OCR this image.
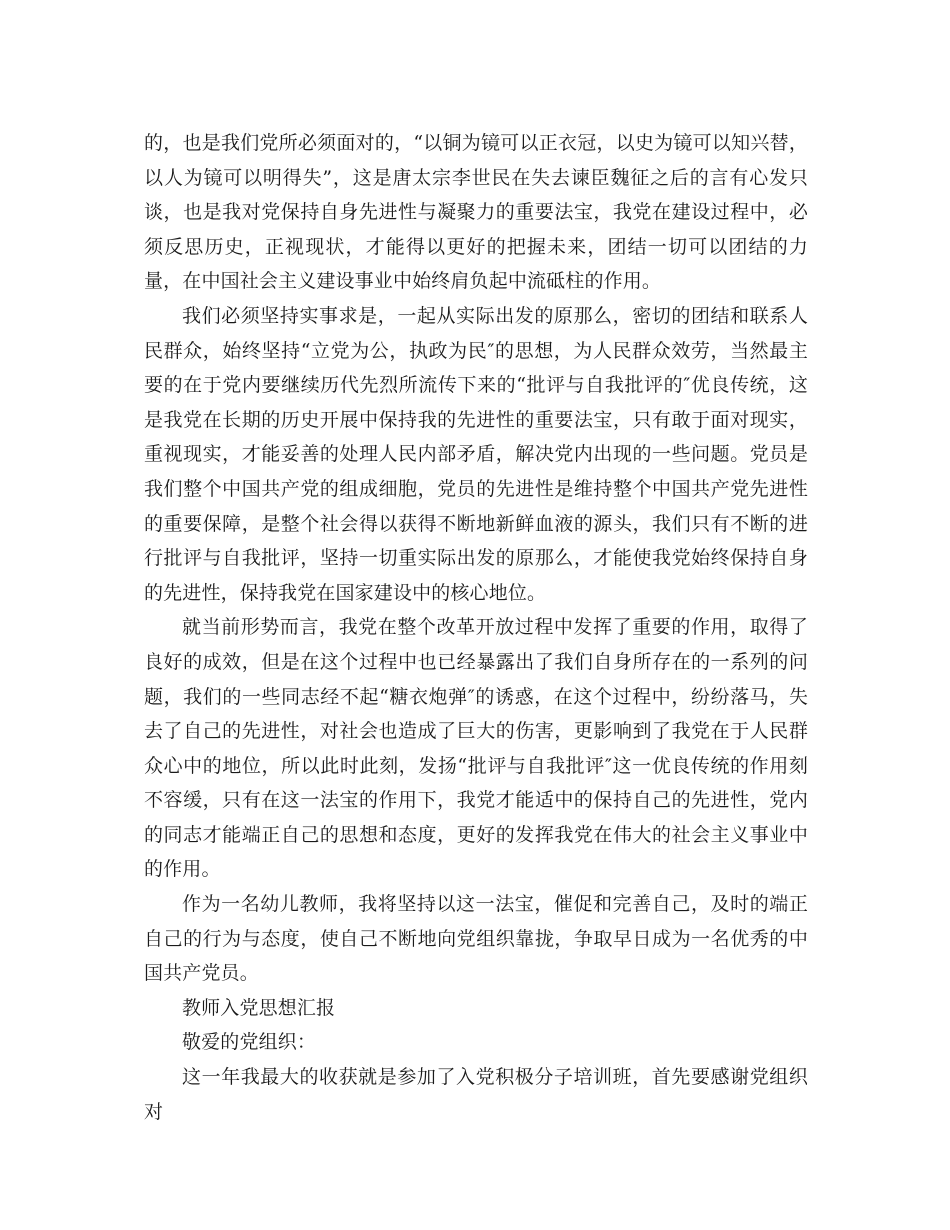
的，也是我们党所必须面对的，“以铜为镜可以正衣冠，以史为镜可以知兴替，以人为镜可以明得失”，这是唐太宗李世民在失去谏臣魏征之后的言有心发只谈，也是我对党保持自身先进性与凝聚力的重要法宝，我党在建设过程中，必须反思历史，正视现状，才能得以更好的把握未来，团结一切可以团结的力量，在中国社会主义建设事业中始终肩负起中流砥柱的作用。

我们必须坚持实事求是，一起从实际出发的原那么，密切的团结和联系人民群众，始终坚持“立党为公，执政为民″的思想，为人民群众效劳，当然最主要的在于党内要继续历代先烈所流传下来的“批评与自我批评的″优良传统，这是我党在长期的历史开展中保持我的先进性的重要法宝，只有敢于面对现实，重视现实，才能妥善的处理人民内部矛盾，解决党内出现的一些问题。党员是我们整个中国共产党的组成细胞，党员的先进性是维持整个中国共产党先进性的重要保障，是整个社会得以获得不断地新鲜血液的源头，我们只有不断的进行批评与自我批评，坚持一切重实际出发的原那么，才能使我党始终保持自身的先进性，保持我党在国家建设中的核心地位。

就当前形势而言，我党在整个改革开放过程中发挥了重要的作用，取得了良好的成效，但是在这个过程中也已经暴露出了我们自身所存在的一系列的问题，我们的一些同志经不起“糖衣炮弹″的诱惑，在这个过程中，纷纷落马，失去了自己的先进性，对社会也造成了巨大的伤害，更影响到了我党在于人民群众心中的地位，所以此时此刻，发扬“批评与自我批评″这一优良传统的作用刻不容缓，只有在这一法宝的作用下，我党才能适中的保持自己的先进性，党内的同志才能端正自己的思想和态度，更好的发挥我党在伟大的社会主义事业中的作用。

作为一名幼儿教师，我将坚持以这一法宝，催促和完善自己，及时的端正自己的行为与态度，使自己不断地向党组织靠拢，争取早日成为一名优秀的中国共产党员。

教师入党思想汇报

敬爱的党组织：

这一年我最大的收获就是参加了入党积极分子培训班，首先要感谢党组织对
